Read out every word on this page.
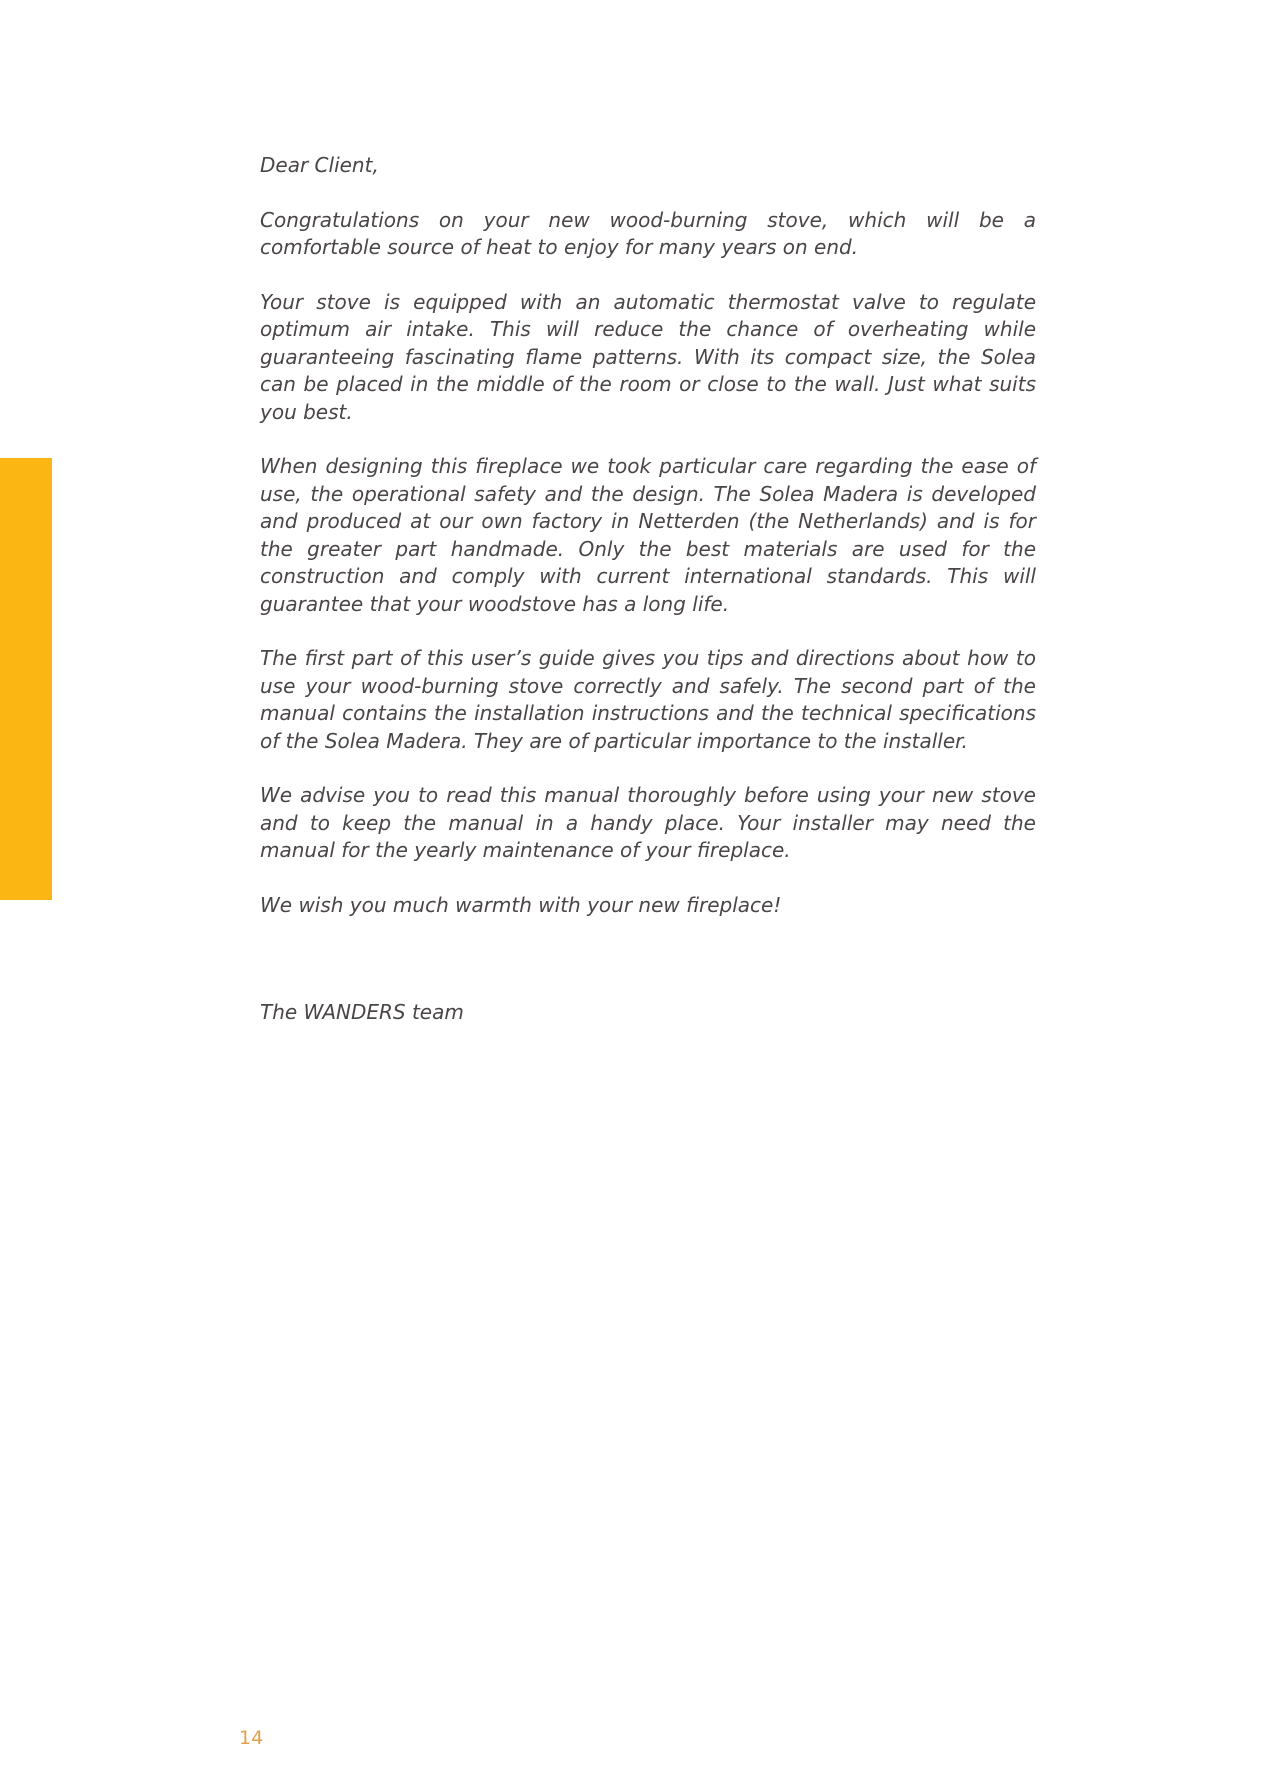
Dear Client,

Congratulations on your new wood-burning stove, which will be a comfortable source of heat to enjoy for many years on end.

Your stove is equipped with an automatic thermostat valve to regulate optimum air intake. This will reduce the chance of overheating while guaranteeing fascinating flame patterns. With its compact size, the Solea can be placed in the middle of the room or close to the wall. Just what suits you best.

When designing this fireplace we took particular care regarding the ease of use, the operational safety and the design. The Solea Madera is developed and produced at our own factory in Netterden (the Netherlands) and is for the greater part handmade. Only the best materials are used for the construction and comply with current international standards. This will guarantee that your woodstove has a long life.

The first part of this user’s guide gives you tips and directions about how to use your wood-burning stove correctly and safely. The second part of the manual contains the installation instructions and the technical specifications of the Solea Madera. They are of particular importance to the installer.

We advise you to read this manual thoroughly before using your new stove and to keep the manual in a handy place. Your installer may need the manual for the yearly maintenance of your fireplace.

We wish you much warmth with your new fireplace!

The WANDERS team
14
